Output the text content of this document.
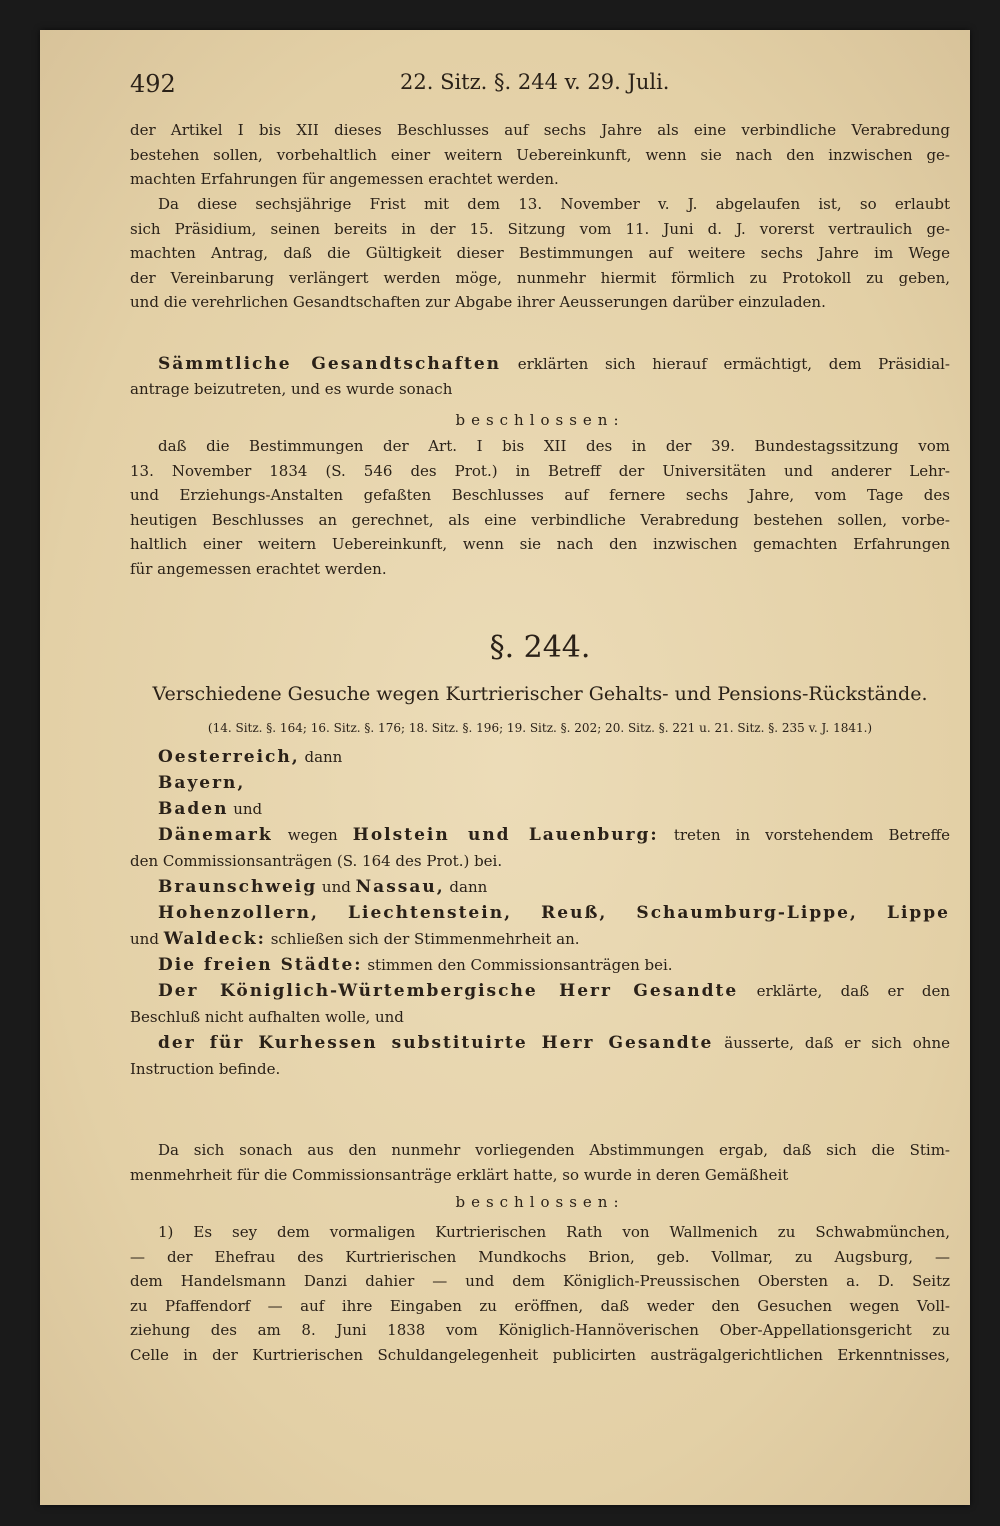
492	22. Sitz. §. 244 v. 29. Juli.

der Artikel I bis XII dieses Beschlusses auf sechs Jahre als eine verbindliche Verabredung

bestehen sollen, vorbehaltlich einer weitern Uebereinkunft, wenn sie nach den inzwischen ge-

machten Erfahrungen für angemessen erachtet werden.

Da diese sechsjährige Frist mit dem 13. November v. J. abgelaufen ist, so erlaubt

sich Präsidium, seinen bereits in der 15. Sitzung vom 11. Juni d. J. vorerst vertraulich ge-

machten Antrag, daß die Gültigkeit dieser Bestimmungen auf weitere sechs Jahre im Wege

der Vereinbarung verlängert werden möge, nunmehr hiermit förmlich zu Protokoll zu geben,

und die verehrlichen Gesandtschaften zur Abgabe ihrer Aeusserungen darüber einzuladen.

Sämmtliche Gesandtschaften erklärten sich hierauf ermächtigt, dem Präsidial-

antrage beizutreten, und es wurde sonach

beschlossen:

daß die Bestimmungen der Art. I bis XII des in der 39. Bundestagssitzung vom

13. November 1834 (S. 546 des Prot.) in Betreff der Universitäten und anderer Lehr-

und Erziehungs-Anstalten gefaßten Beschlusses auf fernere sechs Jahre, vom Tage des

heutigen Beschlusses an gerechnet, als eine verbindliche Verabredung bestehen sollen, vorbe-

haltlich einer weitern Uebereinkunft, wenn sie nach den inzwischen gemachten Erfahrungen

für angemessen erachtet werden.

§. 244.

Verschiedene Gesuche wegen Kurtrierischer Gehalts- und Pensions-Rückstände.

(14. Sitz. §. 164; 16. Sitz. §. 176; 18. Sitz. §. 196; 19. Sitz. §. 202; 20. Sitz. §. 221 u. 21. Sitz. §. 235 v. J. 1841.)

Oesterreich, dann

Bayern,

Baden und

Dänemark wegen Holstein und Lauenburg: treten in vorstehendem Betreffe

den Commissionsanträgen (S. 164 des Prot.) bei.

Braunschweig und Nassau, dann

Hohenzollern, Liechtenstein, Reuß, Schaumburg-Lippe, Lippe

und Waldeck: schließen sich der Stimmenmehrheit an.

Die freien Städte: stimmen den Commissionsanträgen bei.

Der Königlich-Würtembergische Herr Gesandte erklärte, daß er den

Beschluß nicht aufhalten wolle, und

der für Kurhessen substituirte Herr Gesandte äusserte, daß er sich ohne

Instruction befinde.

Da sich sonach aus den nunmehr vorliegenden Abstimmungen ergab, daß sich die Stim-

menmehrheit für die Commissionsanträge erklärt hatte, so wurde in deren Gemäßheit

beschlossen:

1) Es sey dem vormaligen Kurtrierischen Rath von Wallmenich zu Schwabmünchen,

— der Ehefrau des Kurtrierischen Mundkochs Brion, geb. Vollmar, zu Augsburg, —

dem Handelsmann Danzi dahier — und dem Königlich-Preussischen Obersten a. D. Seitz

zu Pfaffendorf — auf ihre Eingaben zu eröffnen, daß weder den Gesuchen wegen Voll-

ziehung des am 8. Juni 1838 vom Königlich-Hannöverischen Ober-Appellationsgericht zu

Celle in der Kurtrierischen Schuldangelegenheit publicirten austrägalgerichtlichen Erkenntnisses,
